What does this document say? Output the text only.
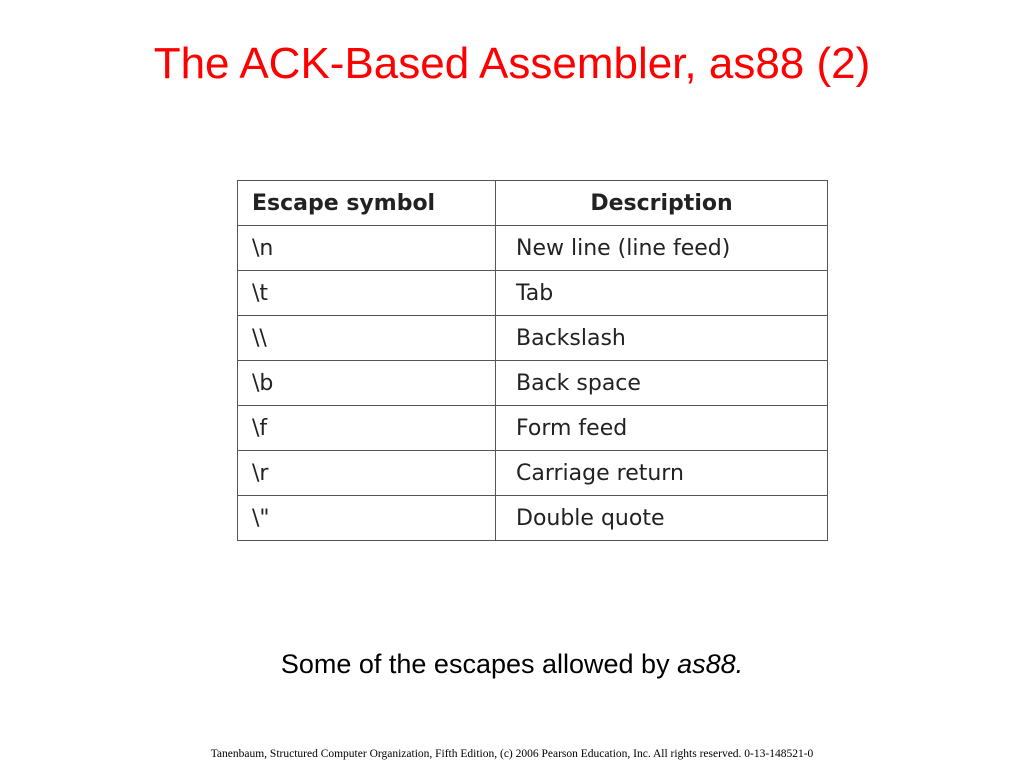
The ACK-Based Assembler, as88 (2)
Escape symbol	Description
\n	New line (line feed)
\t	Tab
\\	Backslash
\b	Back space
\f	Form feed
\r	Carriage return
\"	Double quote
Some of the escapes allowed by as88.
Tanenbaum, Structured Computer Organization, Fifth Edition, (c) 2006 Pearson Education, Inc. All rights reserved. 0-13-148521-0
